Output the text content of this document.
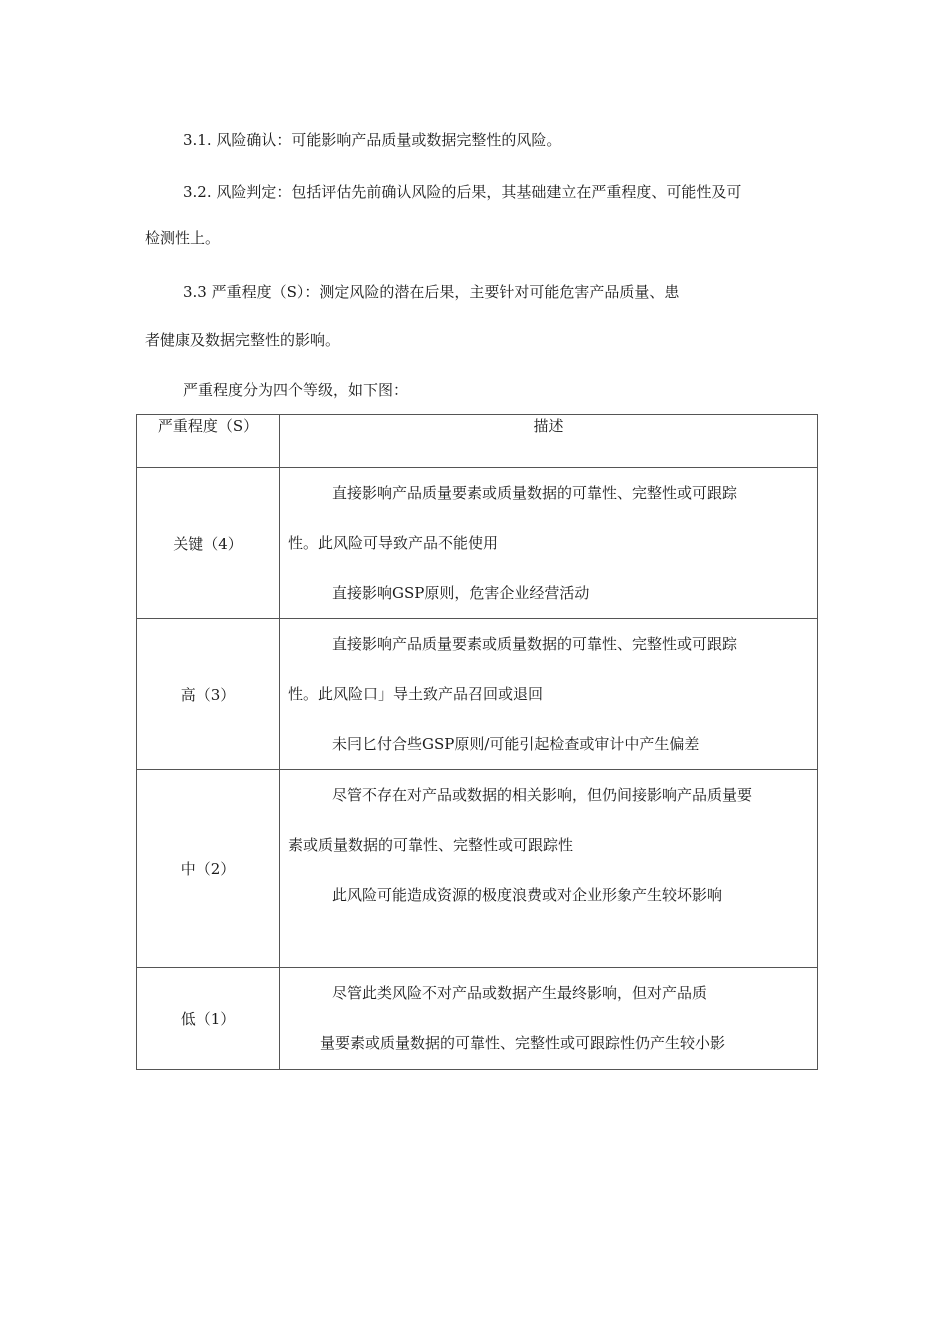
3.1. 风险确认：可能影响产品质量或数据完整性的风险。
3.2. 风险判定：包括评估先前确认风险的后果，其基础建立在严重程度、可能性及可
检测性上。
3.3 严重程度（S）：测定风险的潜在后果，主要针对可能危害产品质量、患
者健康及数据完整性的影响。
严重程度分为四个等级，如下图：
严重程度（S）	描述

关键（4）	直接影响产品质量要素或质量数据的可靠性、完整性或可跟踪
性。此风险可导致产品不能使用
直接影响GSP原则，危害企业经营活动

高（3）	直接影响产品质量要素或质量数据的可靠性、完整性或可跟踪
性。此风险口」导土致产品召回或退回
未冃匕付合些GSP原则/可能引起检查或审计中产生偏差

中（2）	尽管不存在对产品或数据的相关影响，但仍间接影响产品质量要
素或质量数据的可靠性、完整性或可跟踪性
此风险可能造成资源的极度浪费或对企业形象产生较坏影响

低（1）	尽管此类风险不对产品或数据产生最终影响，但对产品质
量要素或质量数据的可靠性、完整性或可跟踪性仍产生较小影
